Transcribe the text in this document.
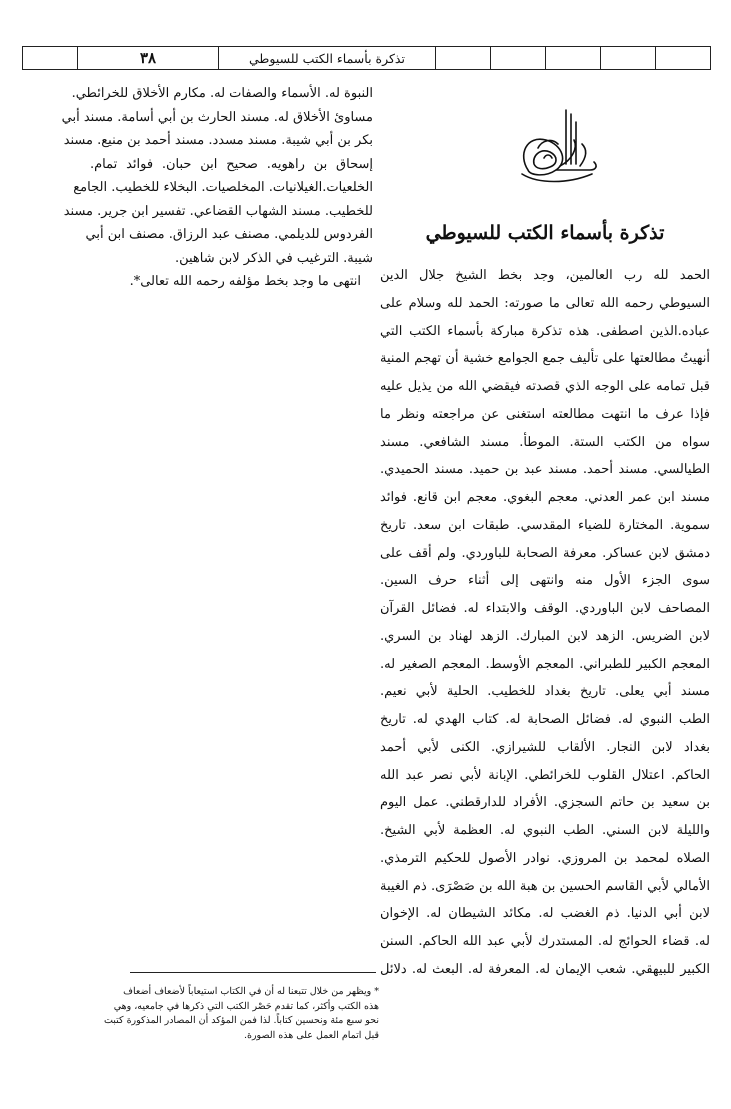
٣٨	تذكرة بأسماء الكتب للسيوطي
النبوة له. الأسماء والصفات له. مكارم الأخلاق للخرائطي.
مساوئ الأخلاق له. مسند الحارث بن أبي أسامة. مسند أبي
بكر بن أبي شيبة. مسند مسدد. مسند أحمد بن منيع. مسند
إسحاق بن راهويه. صحيح ابن حبان. فوائد تمام.
الخلعيات.الغيلانيات. المخلصيات. البخلاء للخطيب. الجامع
للخطيب. مسند الشهاب القضاعي. تفسير ابن جرير. مسند
الفردوس للديلمي. مصنف عبد الرزاق. مصنف ابن أبي
شيبة. الترغيب في الذكر لابن شاهين.
انتهى ما وجد بخط مؤلفه رحمه الله تعالى*.
تذكرة بأسماء الكتب للسيوطي
الحمد لله رب العالمين، وجد بخط الشيخ جلال الدين
السيوطي رحمه الله تعالى ما صورته: الحمد لله وسلام على
عباده.الذين اصطفى. هذه تذكرة مباركة بأسماء الكتب التي
أنهيتُ مطالعتها على تأليف جمع الجوامع خشية أن تهجم المنية
قبل تمامه على الوجه الذي قصدته فيقضي الله من يذيل عليه
فإذا عرف ما انتهت مطالعته استغنى عن مراجعته ونظر ما
سواه من الكتب الستة. الموطأ. مسند الشافعي. مسند
الطيالسي. مسند أحمد. مسند عبد بن حميد. مسند الحميدي.
مسند ابن عمر العدني. معجم البغوي. معجم ابن قانع. فوائد
سموية. المختارة للضياء المقدسي. طبقات ابن سعد. تاريخ
دمشق لابن عساكر. معرفة الصحابة للباوردي. ولم أقف على
سوى الجزء الأول منه وانتهى إلى أثناء حرف السين.
المصاحف لابن الباوردي. الوقف والابتداء له. فضائل القرآن
لابن الضريس. الزهد لابن المبارك. الزهد لهناد بن السري.
المعجم الكبير للطبراني. المعجم الأوسط. المعجم الصغير له.
مسند أبي يعلى. تاريخ بغداد للخطيب. الحلية لأبي نعيم.
الطب النبوي له. فضائل الصحابة له. كتاب الهدي له. تاريخ
بغداد لابن النجار. الألقاب للشيرازي. الكنى لأبي أحمد
الحاكم. اعتلال القلوب للخرائطي. الإبانة لأبي نصر عبد الله
بن سعيد بن حاتم السجزي. الأفراد للدارقطني. عمل اليوم
والليلة لابن السني. الطب النبوي له. العظمة لأبي الشيخ.
الصلاه لمحمد بن المروزي. نوادر الأصول للحكيم الترمذي.
الأمالي لأبي القاسم الحسين بن هبة الله بن صَصْرَى. ذم الغيبة
لابن أبي الدنيا. ذم الغضب له. مكائد الشيطان له. الإخوان
له. قضاء الحوائج له. المستدرك لأبي عبد الله الحاكم. السنن
الكبير للبيهقي. شعب الإيمان له. المعرفة له. البعث له. دلائل
* ويظهر من خلال تتبعنا له أن في الكتاب استيعاباً لأضعاف أضعاف
هذه الكتب وأكثر، كما تقدم حَصْر الكتب التي ذكرها في جامعيه، وهي
نحو سبع مئة ونحسين كتاباً. لذا فمن المؤكد أن المصادر المذكورة كتبت
قبل اتمام العمل على هذه الصورة.
